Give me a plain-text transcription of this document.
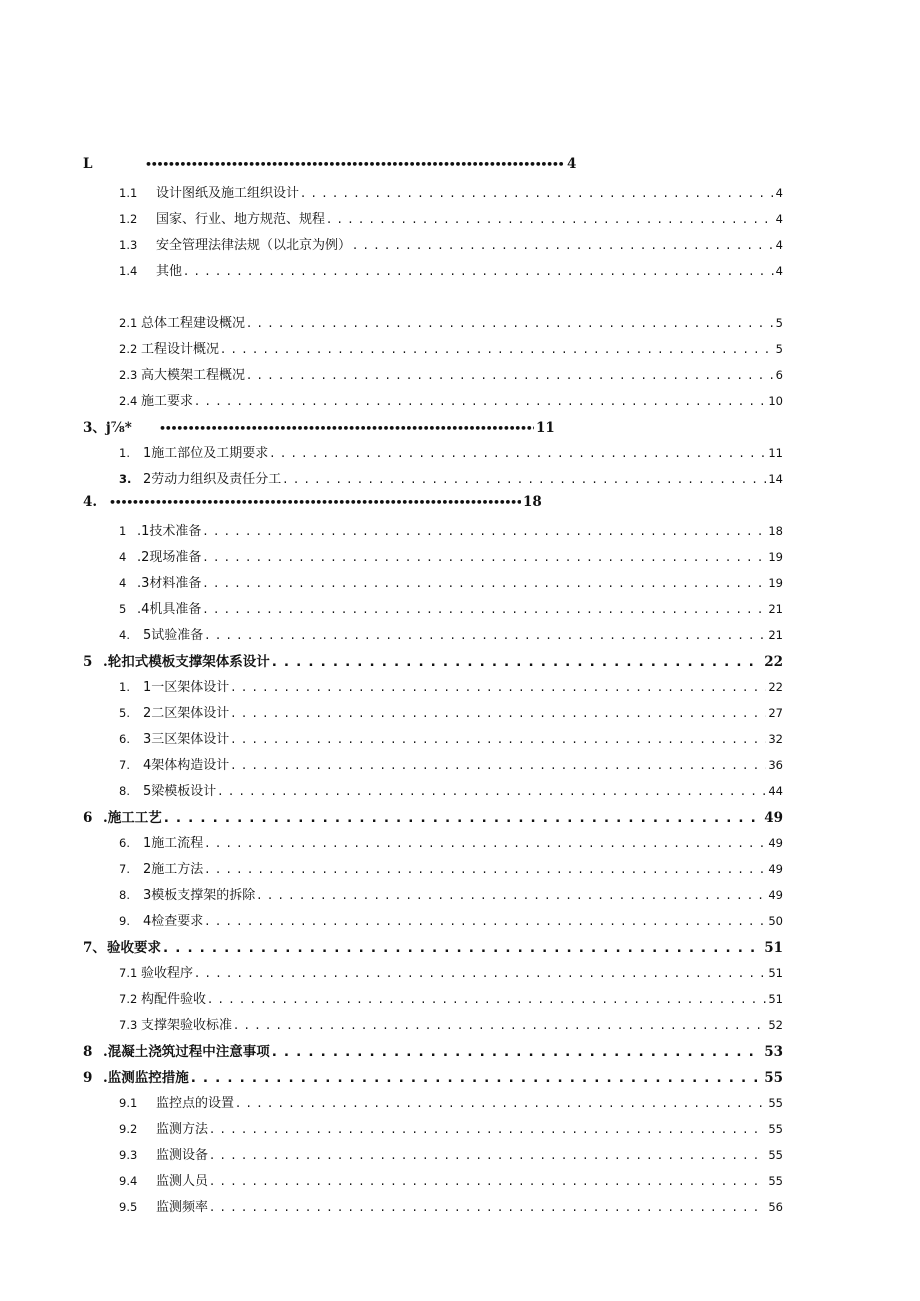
L •••••	4
1.1	设计图纸及施工组织设计 . . .	4
1.2	国家、行业、地方规范、规程 . . .	4
1.3	安全管理法律法规（以北京为例） . . .	4
1.4	其他 . . .	4
2.1 总体工程建设概况 . . .	5
2.2 工程设计概况 . . .	5
2.3 高大模架工程概况 . . .	6
2.4 施工要求 . . .	10
3、j⅞* •••••	11
1.	1施工部位及工期要求 . . .	11
3. 2劳动力组织及责任分工 . . .	14
4. •••••	18
1 .1技术准备 . . .	18
4 .2现场准备 . . .	19
4 .3材料准备 . . .	19
5 .4机具准备 . . .	21
4.	5试验准备 . . .	21
5 .轮扣式模板支撑架体系设计 . . .	22
1.	1一区架体设计 . . .	22
5.	2二区架体设计 . . .	27
6.	3三区架体设计 . . .	32
7.	4架体构造设计 . . .	36
8.	5梁模板设计 . . .	44
6 .施工工艺 . . .	49
6.	1施工流程 . . .	49
7.	2施工方法 . . .	49
8.	3模板支撑架的拆除 . . .	49
9.	4检查要求 . . .	50
7、 验收要求 . . .	51
7.1 验收程序 . . .	51
7.2 构配件验收 . . .	51
7.3 支撑架验收标准 . . .	52
8 .混凝土浇筑过程中注意事项 . . .	53
9 .监测监控措施 . . .	55
9.1	监控点的设置 . . .	55
9.2	监测方法 . . .	55
9.3	监测设备 . . .	55
9.4	监测人员 . . .	55
9.5	监测频率 . . .	56
